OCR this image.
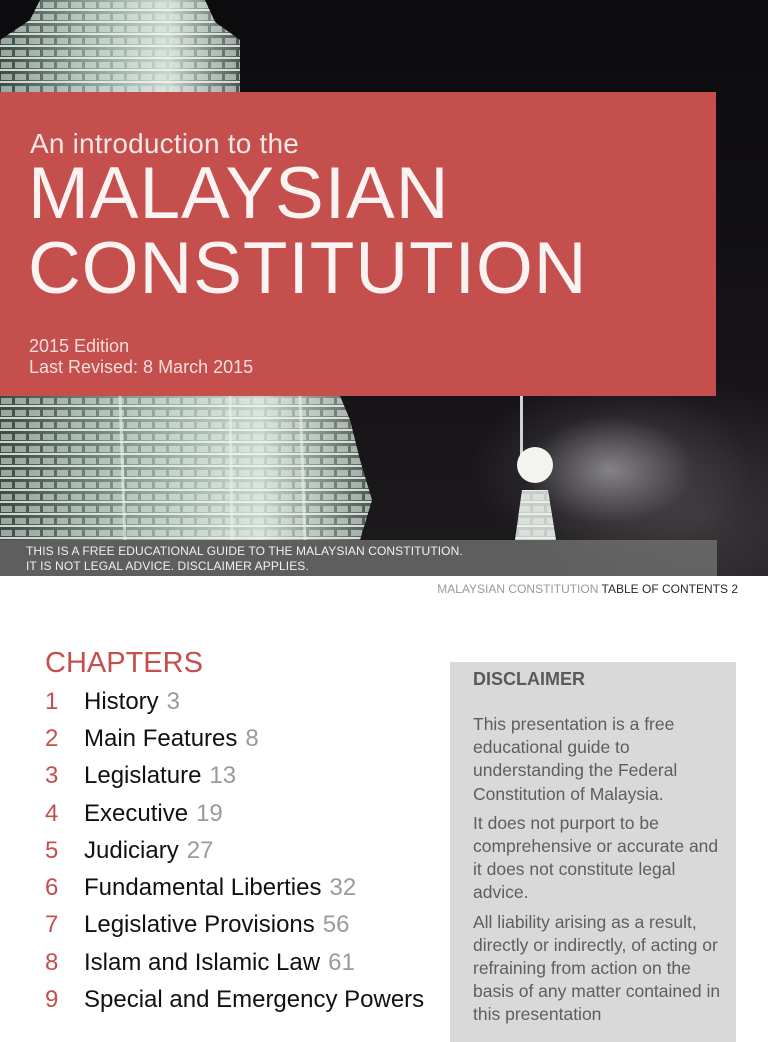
An introduction to the
MALAYSIAN
CONSTITUTION
2015 Edition
Last Revised: 8 March 2015
THIS IS A FREE EDUCATIONAL GUIDE TO THE MALAYSIAN CONSTITUTION.
IT IS NOT LEGAL ADVICE. DISCLAIMER APPLIES.
MALAYSIAN CONSTITUTION TABLE OF CONTENTS 2
CHAPTERS
1	History 3
2	Main Features 8
3	Legislature 13
4	Executive 19
5	Judiciary 27
6	Fundamental Liberties 32
7	Legislative Provisions 56
8	Islam and Islamic Law 61
9	Special and Emergency Powers
DISCLAIMER

This presentation is a free educational guide to understanding the Federal Constitution of Malaysia.

It does not purport to be comprehensive or accurate and it does not constitute legal advice.

All liability arising as a result, directly or indirectly, of acting or refraining from action on the basis of any matter contained in this presentation
